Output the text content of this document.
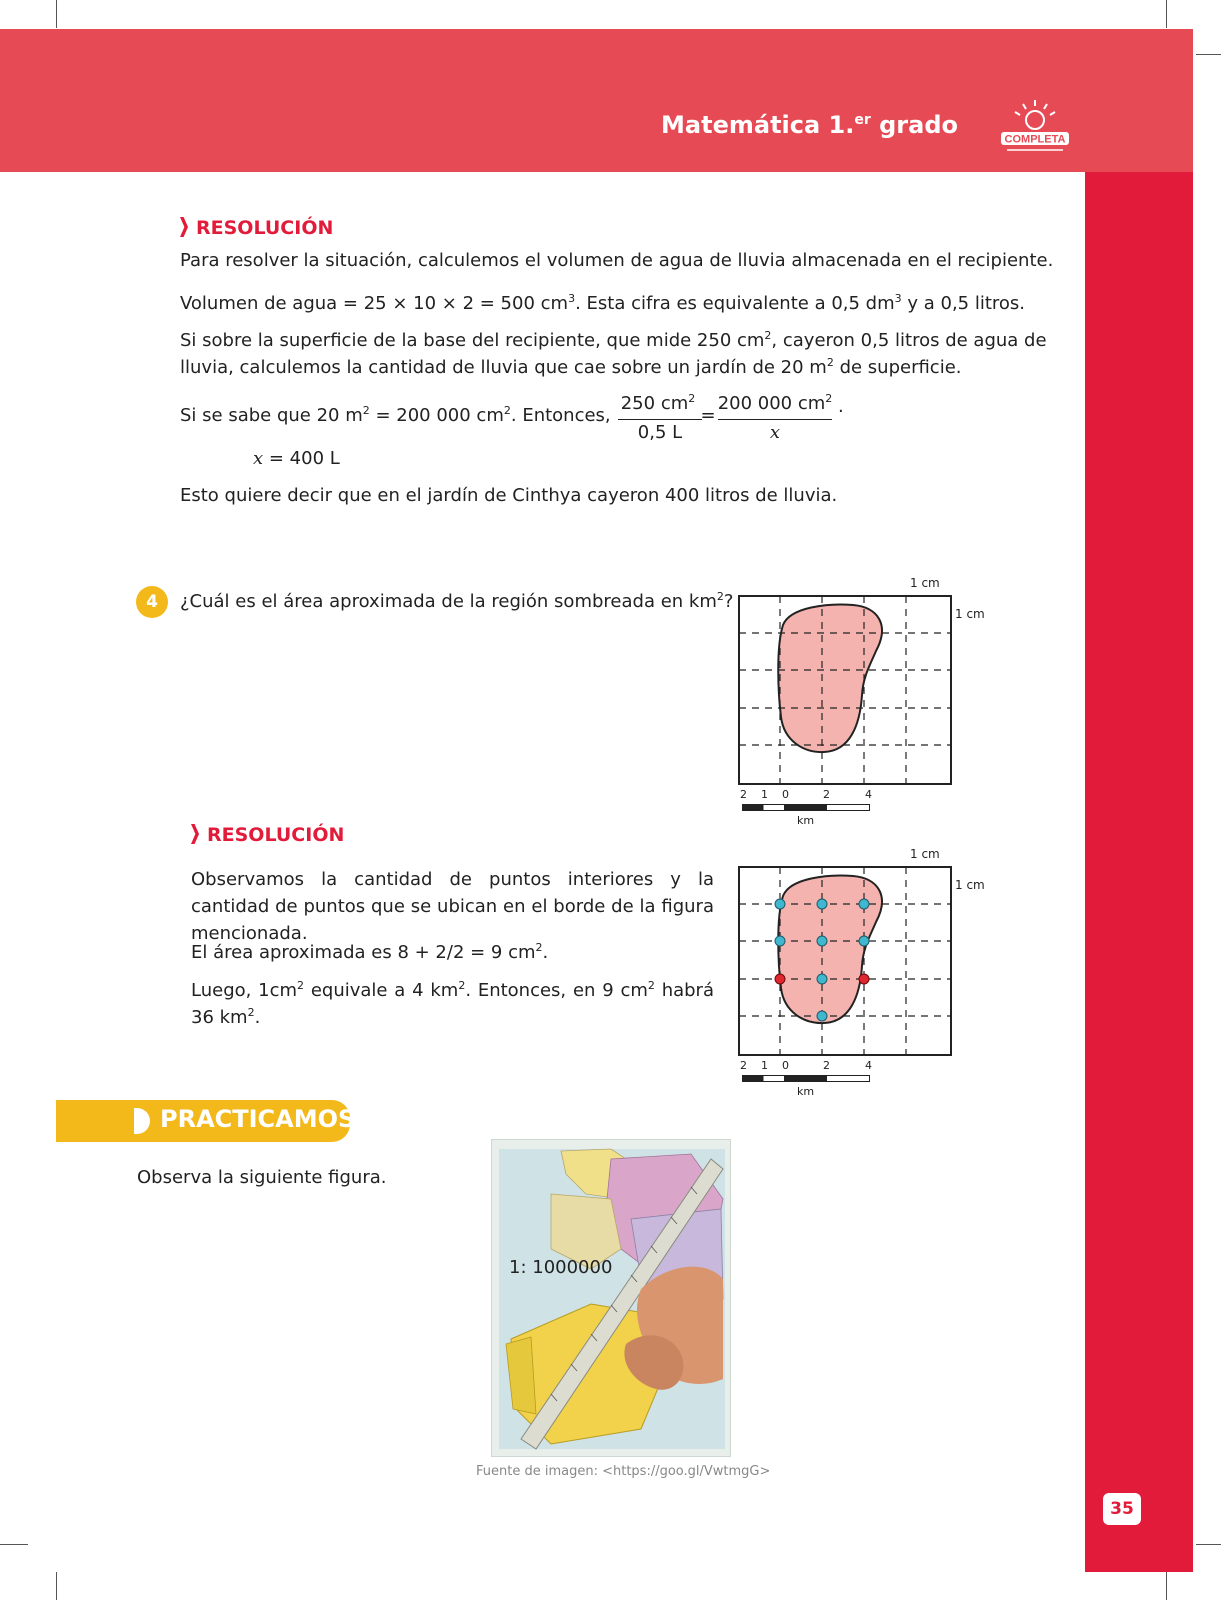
Matemática 1.$^{er}$ grado
COMPLETA
35
RESOLUCIÓN
Para resolver la situación, calculemos el volumen de agua de lluvia almacenada en el recipiente.
Volumen de agua = 25 × 10 × 2 = 500 $cm^3$. Esta cifra es equivalente a 0,5 $dm^3$ y a 0,5 litros.
Si sobre la superficie de la base del recipiente, que mide 250 $cm^2$, cayeron 0,5 litros de agua de
lluvia, calculemos la cantidad de lluvia que cae sobre un jardín de 20 $m^2$ de superficie.
Si se sabe que 20 $m^2 = 200$ 000 $cm^2$. Entonces,
250 $cm^2$
0,5 L
=
200 000 $cm^2$
x
.
x = 400 L
Esto quiere decir que en el jardín de Cinthya cayeron 400 litros de lluvia.
4	¿Cuál es el área aproximada de la región sombreada en $km^2$?
1 cm
1 cm
2 1 0	2	4
km
RESOLUCIÓN
Observamos la cantidad de puntos interiores y la cantidad de puntos que se ubican en el borde de la figura mencionada.
El área aproximada es 8 + 2/2 = 9 $cm^2$.
Luego, $1cm^2$ equivale a 4 $km^2$. Entonces, en 9 $cm^2$ habrá
36 $km^2$.
1 cm
1 cm
2 1 0	2	4
km
PRACTICAMOS
Observa la siguiente figura.
1: 1000000
Fuente de imagen: <https://goo.gl/VwtmgG>
